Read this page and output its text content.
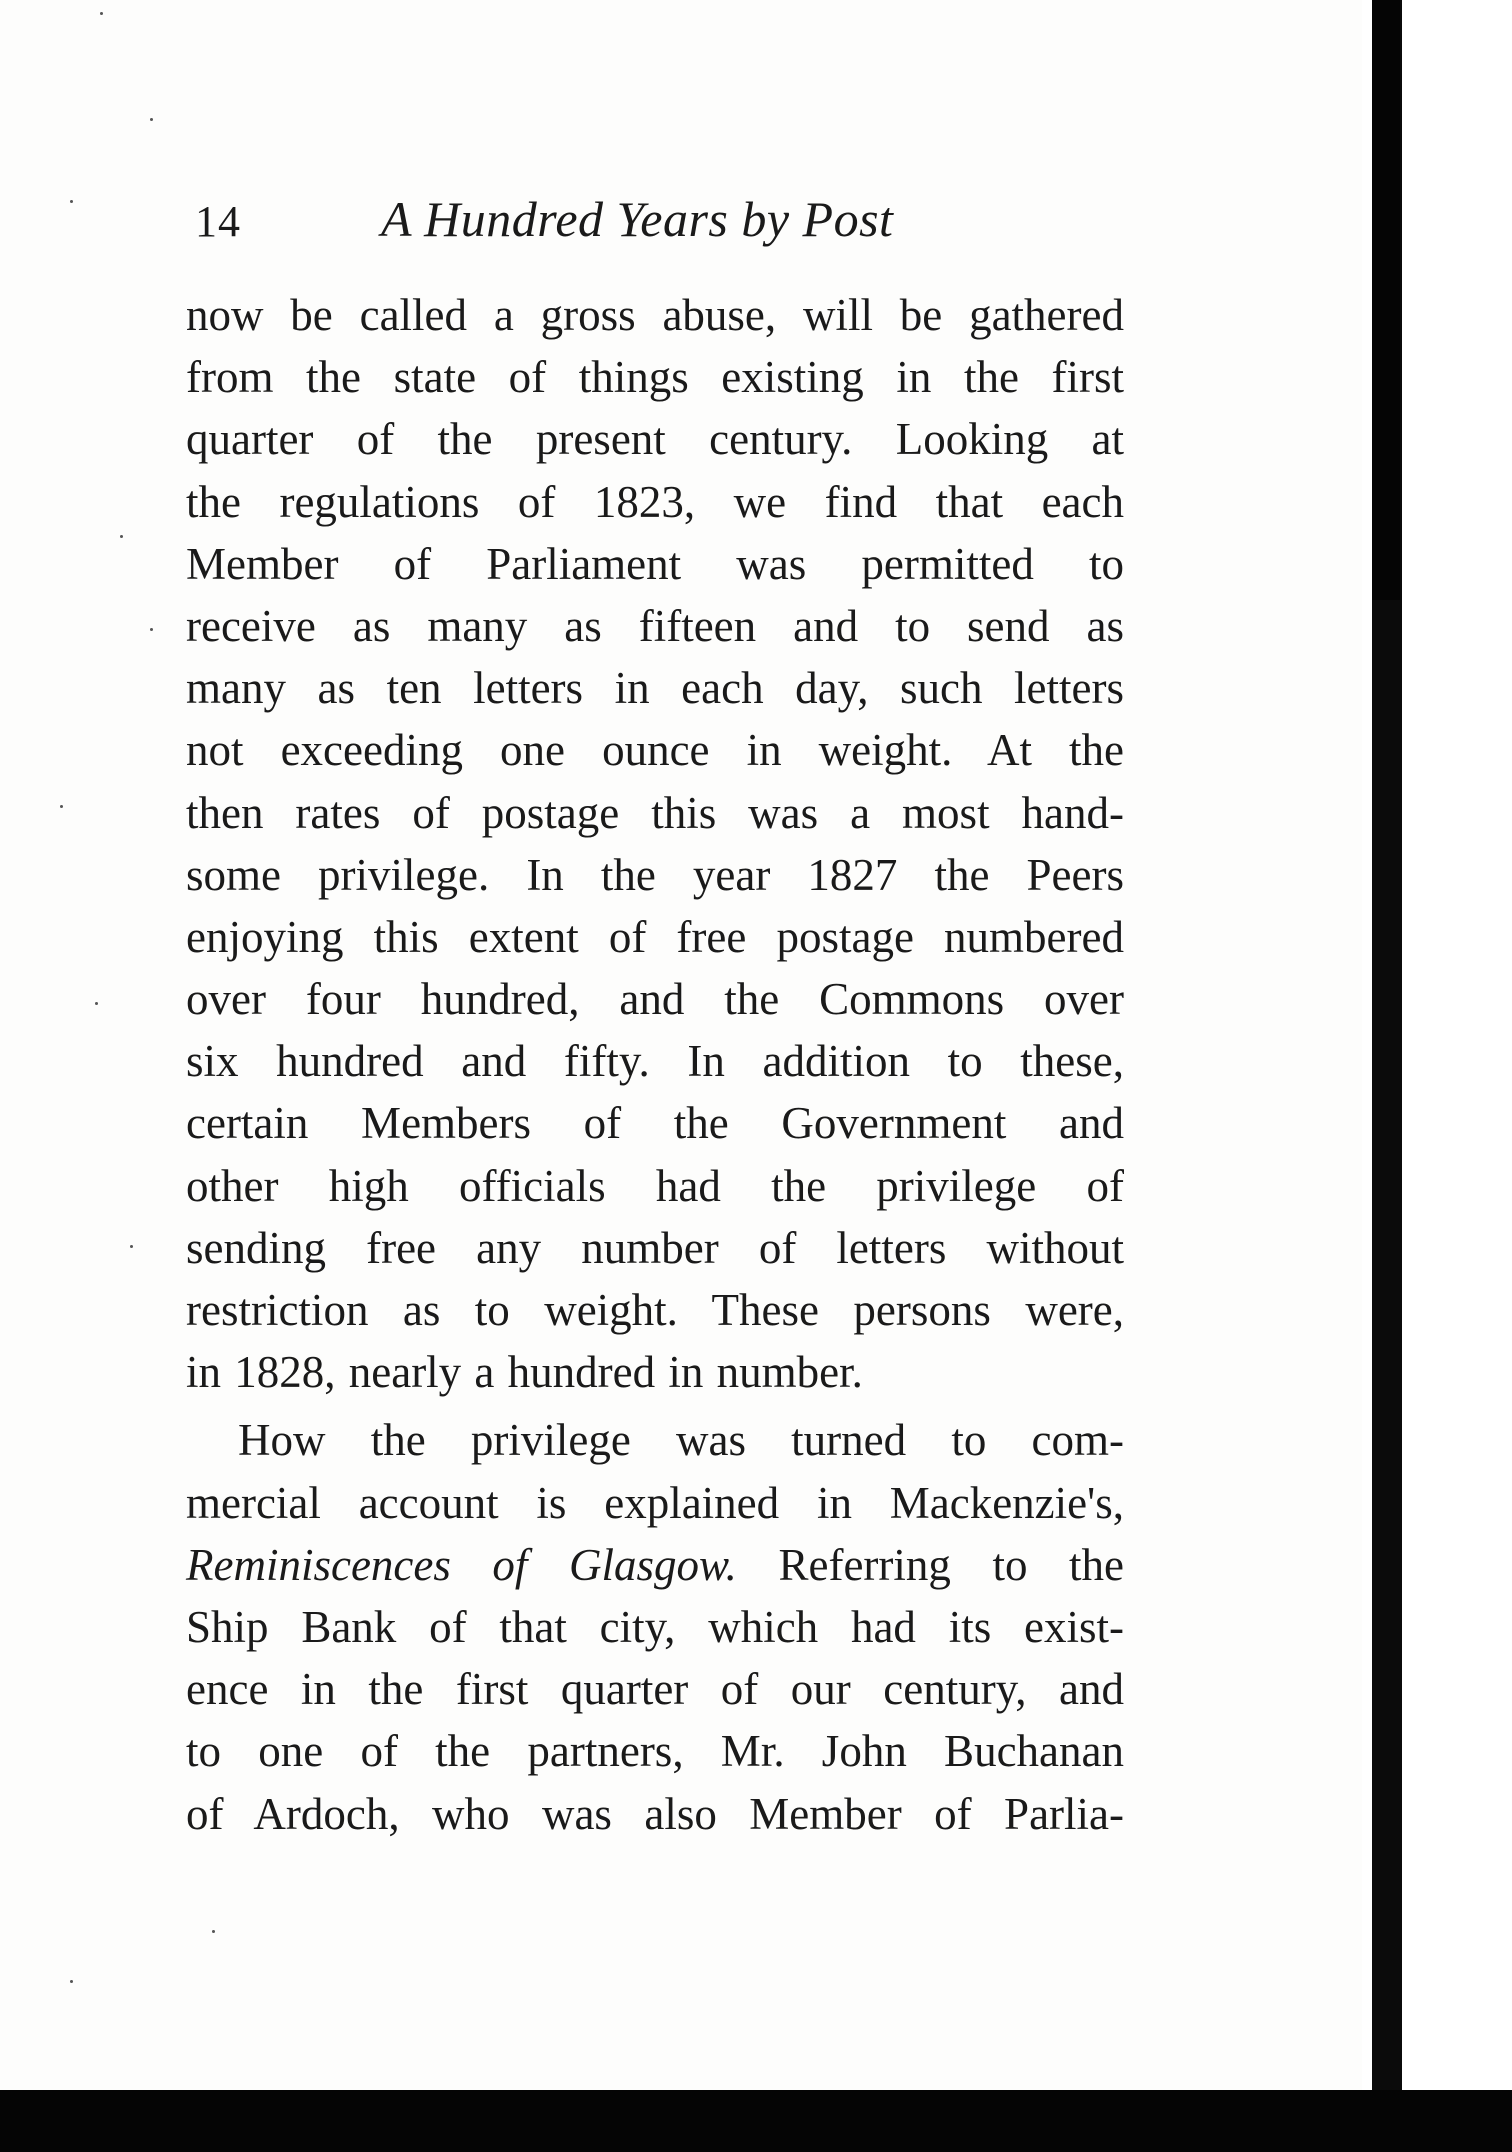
14	A Hundred Years by Post
now be called a gross abuse, will be gathered
from the state of things existing in the first
quarter of the present century. Looking at
the regulations of 1823, we find that each
Member of Parliament was permitted to
receive as many as fifteen and to send as
many as ten letters in each day, such letters
not exceeding one ounce in weight. At the
then rates of postage this was a most hand-
some privilege. In the year 1827 the Peers
enjoying this extent of free postage numbered
over four hundred, and the Commons over
six hundred and fifty. In addition to these,
certain Members of the Government and
other high officials had the privilege of
sending free any number of letters without
restriction as to weight. These persons were,
in 1828, nearly a hundred in number.
How the privilege was turned to com-
mercial account is explained in Mackenzie's,
Reminiscences of Glasgow. Referring to the
Ship Bank of that city, which had its exist-
ence in the first quarter of our century, and
to one of the partners, Mr. John Buchanan
of Ardoch, who was also Member of Parlia-
